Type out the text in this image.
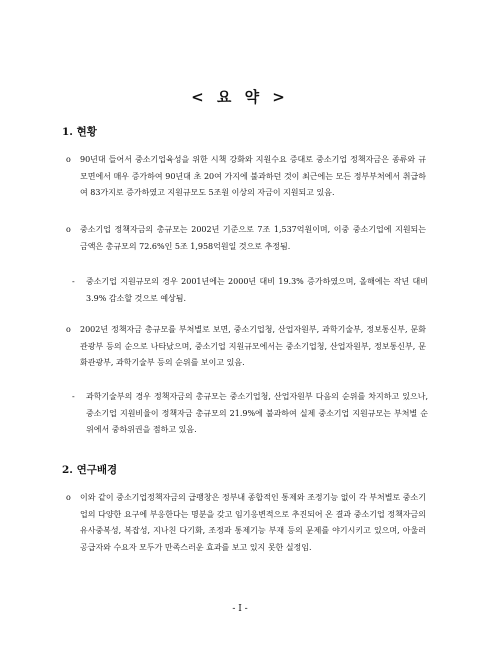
< 요 약 >
1. 현황
o	90년대 들어서 중소기업육성을 위한 시책 강화와 지원수요 증대로 중소기업 정책자금은 종류와 규모면에서 매우 증가하여 90년대 초 20여 가지에 불과하던 것이 최근에는 모든 정부부처에서 취급하여 83가지로 증가하였고 지원규모도 5조원 이상의 자금이 지원되고 있음.
o	중소기업 정책자금의 총규모는 2002년 기준으로 7조 1,537억원이며, 이중 중소기업에 지원되는 금액은 총규모의 72.6%인 5조 1,958억원일 것으로 추정됨.
-	중소기업 지원규모의 경우 2001년에는 2000년 대비 19.3% 증가하였으며, 올해에는 작년 대비 3.9% 감소할 것으로 예상됨.
o	2002년 정책자금 총규모를 부처별로 보면, 중소기업청, 산업자원부, 과학기술부, 정보통신부, 문화관광부 등의 순으로 나타났으며, 중소기업 지원규모에서는 중소기업청, 산업자원부, 정보통신부, 문화관광부, 과학기술부 등의 순위를 보이고 있음.
-	과학기술부의 경우 정책자금의 총규모는 중소기업청, 산업자원부 다음의 순위를 차지하고 있으나, 중소기업 지원비율이 정책자금 총규모의 21.9%에 불과하여 실제 중소기업 지원규모는 부처별 순위에서 중하위권을 점하고 있음.
2. 연구배경
o	이와 같이 중소기업정책자금의 급팽창은 정부내 종합적인 통제와 조정기능 없이 각 부처별로 중소기업의 다양한 요구에 부응한다는 명분을 갖고 임기응변적으로 추진되어 온 결과 중소기업 정책자금의 유사중복성, 복잡성, 지나친 다기화, 조정과 통제기능 부재 등의 문제를 야기시키고 있으며, 아울러 공급자와 수요자 모두가 만족스러운 효과를 보고 있지 못한 실정임.
- I -
